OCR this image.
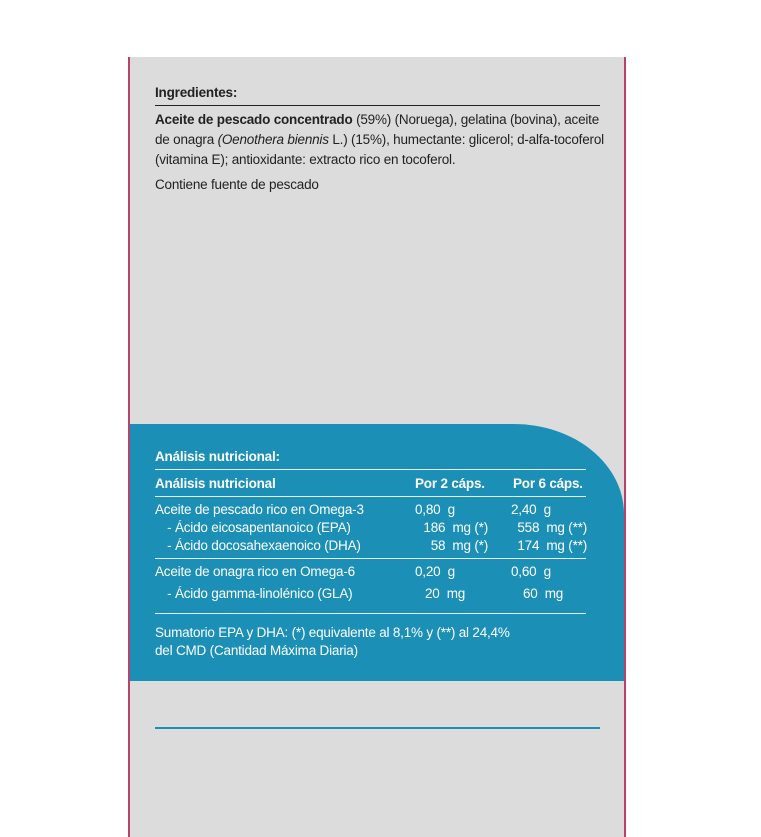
Ingredientes:
Aceite de pescado concentrado (59%) (Noruega), gelatina (bovina), aceite de onagra (Oenothera biennis L.) (15%), humectante: glicerol; d-alfa-tocoferol (vitamina E); antioxidante: extracto rico en tocoferol.
Contiene fuente de pescado
Análisis nutricional:
Análisis nutricional	Por 2 cáps. Por 6 cáps.
Aceite de pescado rico en Omega-3	0,80  g	2,40  g
- Ácido eicosapentanoico (EPA)	186  mg (*) 558  mg (**)
- Ácido docosahexaenoico (DHA)	58  mg (*) 174  mg (**)
Aceite de onagra rico en Omega-6	0,20  g	0,60  g
- Ácido gamma-linolénico (GLA)	20  mg	60  mg
Sumatorio EPA y DHA: (*) equivalente al 8,1% y (**) al 24,4%
del CMD (Cantidad Máxima Diaria)
